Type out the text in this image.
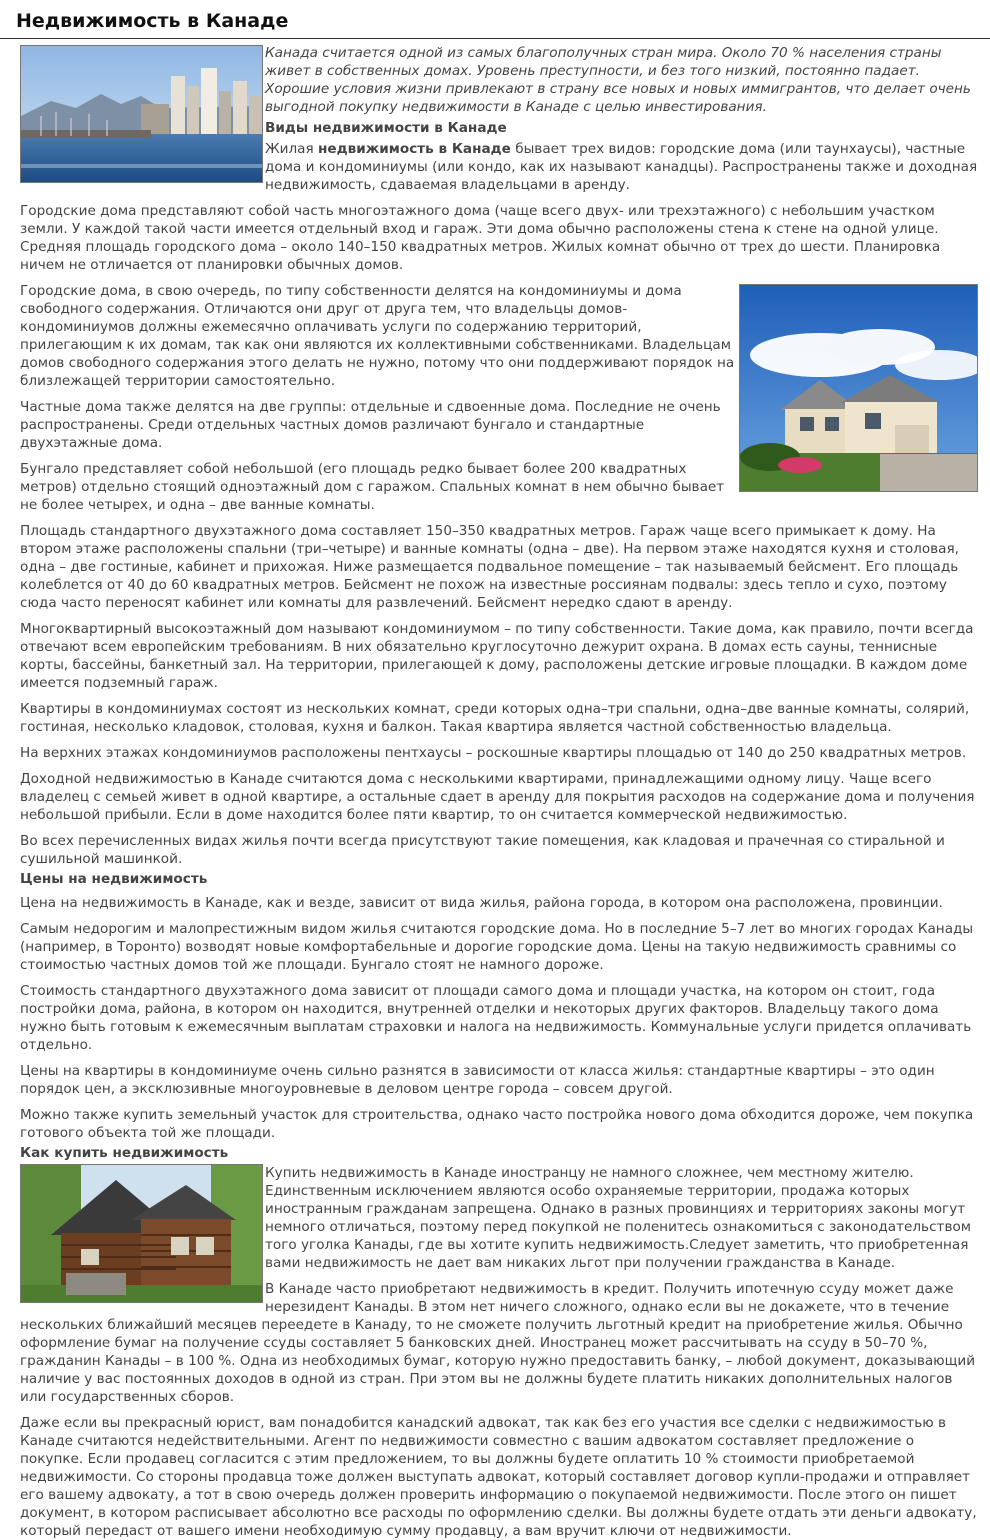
Недвижимость в Канаде

Канада считается одной из самых благополучных стран мира. Около 70 % населения страны живет в собственных домах. Уровень преступности, и без того низкий, постоянно падает. Хорошие условия жизни привлекают в страну все новых и новых иммигрантов, что делает очень выгодной покупку недвижимости в Канаде с целью инвестирования.

Виды недвижимости в Канаде

Жилая недвижимость в Канаде бывает трех видов: городские дома (или таунхаусы), частные дома и кондоминиумы (или кондо, как их называют канадцы). Распространены также и доходная недвижимость, сдаваемая владельцами в аренду.

Городские дома представляют собой часть многоэтажного дома (чаще всего двух- или трехэтажного) с небольшим участком земли. У каждой такой части имеется отдельный вход и гараж. Эти дома обычно расположены стена к стене на одной улице. Средняя площадь городского дома – около 140–150 квадратных метров. Жилых комнат обычно от трех до шести. Планировка ничем не отличается от планировки обычных домов.

Городские дома, в свою очередь, по типу собственности делятся на кондоминиумы и дома свободного содержания. Отличаются они друг от друга тем, что владельцы домов-кондоминиумов должны ежемесячно оплачивать услуги по содержанию территорий, прилегающим к их домам, так как они являются их коллективными собственниками. Владельцам домов свободного содержания этого делать не нужно, потому что они поддерживают порядок на близлежащей территории самостоятельно.

Частные дома также делятся на две группы: отдельные и сдвоенные дома. Последние не очень распространены. Среди отдельных частных домов различают бунгало и стандартные двухэтажные дома.

Бунгало представляет собой небольшой (его площадь редко бывает более 200 квадратных метров) отдельно стоящий одноэтажный дом с гаражом. Спальных комнат в нем обычно бывает не более четырех, и одна – две ванные комнаты.

Площадь стандартного двухэтажного дома составляет 150–350 квадратных метров. Гараж чаще всего примыкает к дому. На втором этаже расположены спальни (три–четыре) и ванные комнаты (одна – две). На первом этаже находятся кухня и столовая, одна – две гостиные, кабинет и прихожая. Ниже размещается подвальное помещение – так называемый бейсмент. Его площадь колеблется от 40 до 60 квадратных метров. Бейсмент не похож на известные россиянам подвалы: здесь тепло и сухо, поэтому сюда часто переносят кабинет или комнаты для развлечений. Бейсмент нередко сдают в аренду.

Многоквартирный высокоэтажный дом называют кондоминиумом – по типу собственности. Такие дома, как правило, почти всегда отвечают всем европейским требованиям. В них обязательно круглосуточно дежурит охрана. В домах есть сауны, теннисные корты, бассейны, банкетный зал. На территории, прилегающей к дому, расположены детские игровые площадки. В каждом доме имеется подземный гараж.

Квартиры в кондоминиумах состоят из нескольких комнат, среди которых одна–три спальни, одна–две ванные комнаты, солярий, гостиная, несколько кладовок, столовая, кухня и балкон. Такая квартира является частной собственностью владельца.

На верхних этажах кондоминиумов расположены пентхаусы – роскошные квартиры площадью от 140 до 250 квадратных метров.

Доходной недвижимостью в Канаде считаются дома с несколькими квартирами, принадлежащими одному лицу. Чаще всего владелец с семьей живет в одной квартире, а остальные сдает в аренду для покрытия расходов на содержание дома и получения небольшой прибыли. Если в доме находится более пяти квартир, то он считается коммерческой недвижимостью.

Во всех перечисленных видах жилья почти всегда присутствуют такие помещения, как кладовая и прачечная со стиральной и сушильной машинкой.

Цены на недвижимость

Цена на недвижимость в Канаде, как и везде, зависит от вида жилья, района города, в котором она расположена, провинции.

Самым недорогим и малопрестижным видом жилья считаются городские дома. Но в последние 5–7 лет во многих городах Канады (например, в Торонто) возводят новые комфортабельные и дорогие городские дома. Цены на такую недвижимость сравнимы со стоимостью частных домов той же площади. Бунгало стоят не намного дороже.

Стоимость стандартного двухэтажного дома зависит от площади самого дома и площади участка, на котором он стоит, года постройки дома, района, в котором он находится, внутренней отделки и некоторых других факторов. Владельцу такого дома нужно быть готовым к ежемесячным выплатам страховки и налога на недвижимость. Коммунальные услуги придется оплачивать отдельно.

Цены на квартиры в кондоминиуме очень сильно разнятся в зависимости от класса жилья: стандартные квартиры – это один порядок цен, а эксклюзивные многоуровневые в деловом центре города – совсем другой.

Можно также купить земельный участок для строительства, однако часто постройка нового дома обходится дороже, чем покупка готового объекта той же площади.

Как купить недвижимость

Купить недвижимость в Канаде иностранцу не намного сложнее, чем местному жителю. Единственным исключением являются особо охраняемые территории, продажа которых иностранным гражданам запрещена. Однако в разных провинциях и территориях законы могут немного отличаться, поэтому перед покупкой не поленитесь ознакомиться с законодательством того уголка Канады, где вы хотите купить недвижимость.Следует заметить, что приобретенная вами недвижимость не дает вам никаких льгот при получении гражданства в Канаде.

В Канаде часто приобретают недвижимость в кредит. Получить ипотечную ссуду может даже нерезидент Канады. В этом нет ничего сложного, однако если вы не докажете, что в течение нескольких ближайший месяцев переедете в Канаду, то не сможете получить льготный кредит на приобретение жилья. Обычно оформление бумаг на получение ссуды составляет 5 банковских дней. Иностранец может рассчитывать на ссуду в 50–70 %, гражданин Канады – в 100 %. Одна из необходимых бумаг, которую нужно предоставить банку, – любой документ, доказывающий наличие у вас постоянных доходов в одной из стран. При этом вы не должны будете платить никаких дополнительных налогов или государственных сборов.

Даже если вы прекрасный юрист, вам понадобится канадский адвокат, так как без его участия все сделки с недвижимостью в Канаде считаются недействительными. Агент по недвижимости совместно с вашим адвокатом составляет предложение о покупке. Если продавец согласится с этим предложением, то вы должны будете оплатить 10 % стоимости приобретаемой недвижимости. Со стороны продавца тоже должен выступать адвокат, который составляет договор купли-продажи и отправляет его вашему адвокату, а тот в свою очередь должен проверить информацию о покупаемой недвижимости. После этого он пишет документ, в котором расписывает абсолютно все расходы по оформлению сделки. Вы должны будете отдать эти деньги адвокату, который передаст от вашего имени необходимую сумму продавцу, а вам вручит ключи от недвижимости.
